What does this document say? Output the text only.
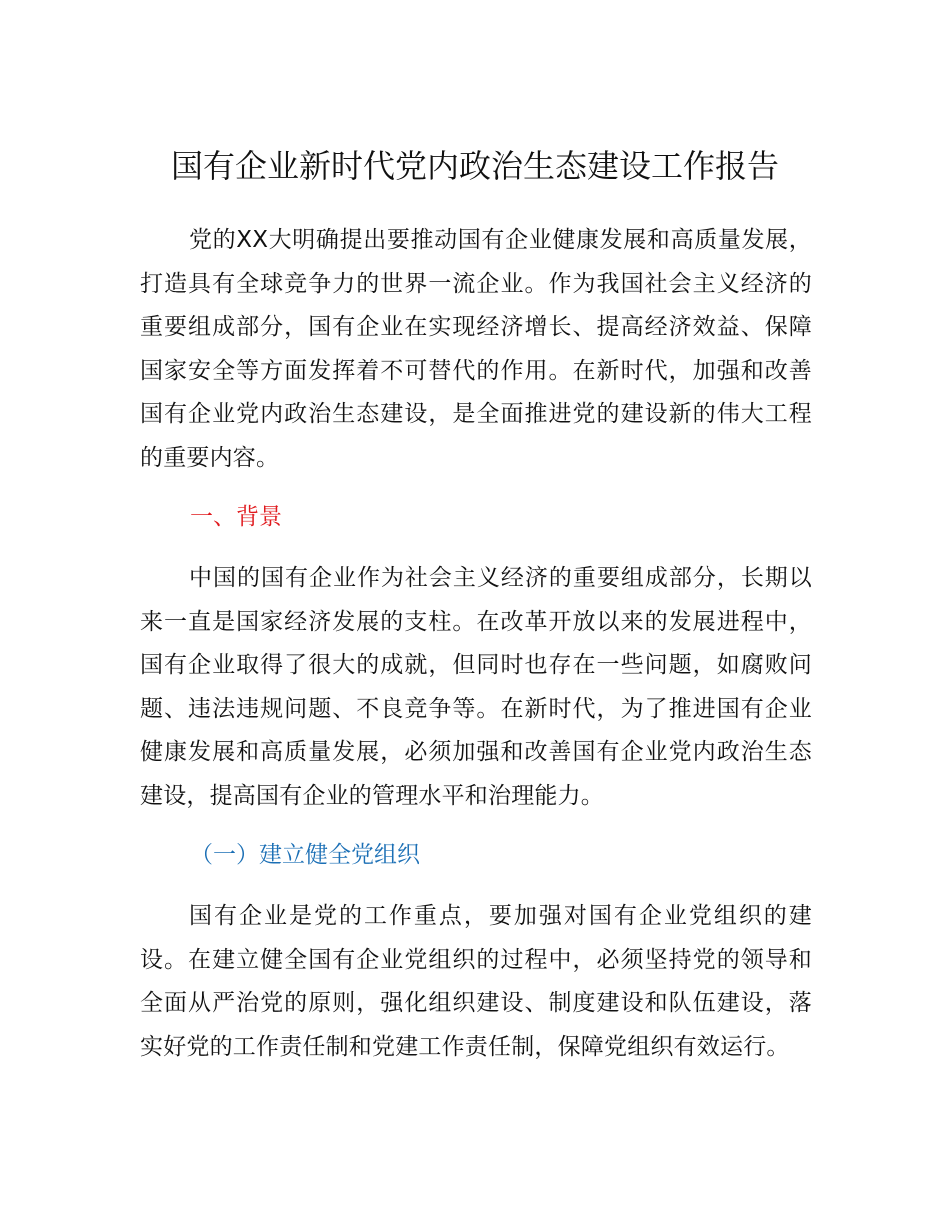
国有企业新时代党内政治生态建设工作报告

党的XX大明确提出要推动国有企业健康发展和高质量发展，打造具有全球竞争力的世界一流企业。作为我国社会主义经济的重要组成部分，国有企业在实现经济增长、提高经济效益、保障国家安全等方面发挥着不可替代的作用。在新时代，加强和改善国有企业党内政治生态建设，是全面推进党的建设新的伟大工程的重要内容。

一、背景

中国的国有企业作为社会主义经济的重要组成部分，长期以来一直是国家经济发展的支柱。在改革开放以来的发展进程中，国有企业取得了很大的成就，但同时也存在一些问题，如腐败问题、违法违规问题、不良竞争等。在新时代，为了推进国有企业健康发展和高质量发展，必须加强和改善国有企业党内政治生态建设，提高国有企业的管理水平和治理能力。

（一）建立健全党组织

国有企业是党的工作重点，要加强对国有企业党组织的建设。在建立健全国有企业党组织的过程中，必须坚持党的领导和全面从严治党的原则，强化组织建设、制度建设和队伍建设，落实好党的工作责任制和党建工作责任制，保障党组织有效运行。
